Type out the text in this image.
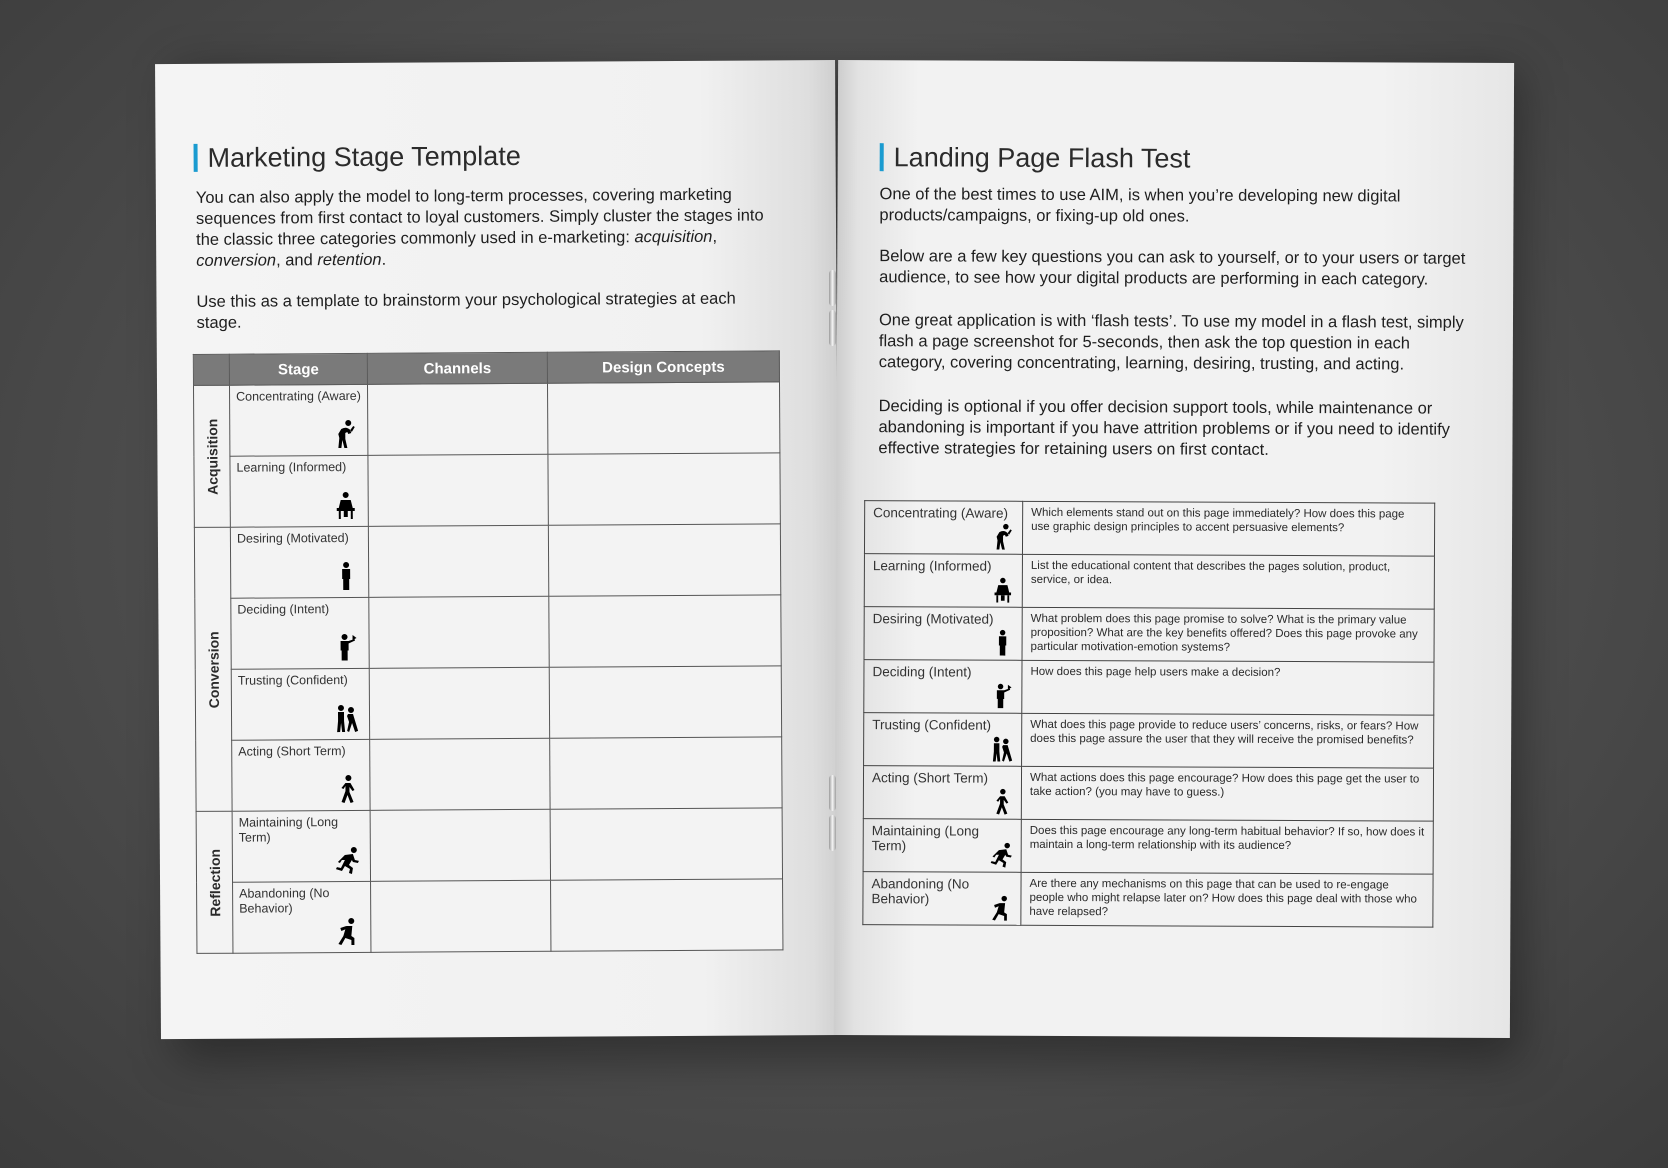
Marketing Stage Template

You can also apply the model to long-term processes, covering marketing sequences from first contact to loyal customers. Simply cluster the stages into the classic three categories commonly used in e-marketing: acquisition, conversion, and retention.

Use this as a template to brainstorm your psychological strategies at each stage.

	Stage	Channels	Design Concepts

Acquisition	Concentrating (Aware)		

	Learning (Informed)		

Conversion	Desiring (Motivated)		

	Deciding (Intent)		

	Trusting (Confident)		

	Acting (Short Term)		

Reflection	Maintaining (Long Term)		

	Abandoning (No Behavior)		

Landing Page Flash Test

One of the best times to use AIM, is when you’re developing new digital products/campaigns, or fixing-up old ones.

Below are a few key questions you can ask to yourself, or to your users or target audience, to see how your digital products are performing in each category.

One great application is with ‘flash tests’. To use my model in a flash test, simply flash a page screenshot for 5-seconds, then ask the top question in each category, covering concentrating, learning, desiring, trusting, and acting.

Deciding is optional if you offer decision support tools, while maintenance or abandoning is important if you have attrition problems or if you need to identify effective strategies for retaining users on first contact.

Concentrating (Aware)	Which elements stand out on this page immediately? How does this page use graphic design principles to accent persuasive elements?

Learning (Informed)	List the educational content that describes the pages solution, product, service, or idea.

Desiring (Motivated)	What problem does this page promise to solve? What is the primary value proposition? What are the key benefits offered? Does this page provoke any particular motivation-emotion systems?

Deciding (Intent)	How does this page help users make a decision?

Trusting (Confident)	What does this page provide to reduce users’ concerns, risks, or fears? How does this page assure the user that they will receive the promised benefits?

Acting (Short Term)	What actions does this page encourage? How does this page get the user to take action? (you may have to guess.)

Maintaining (Long Term)	Does this page encourage any long-term habitual behavior? If so, how does it maintain a long-term relationship with its audience?

Abandoning (No Behavior)	Are there any mechanisms on this page that can be used to re-engage people who might relapse later on? How does this page deal with those who have relapsed?
